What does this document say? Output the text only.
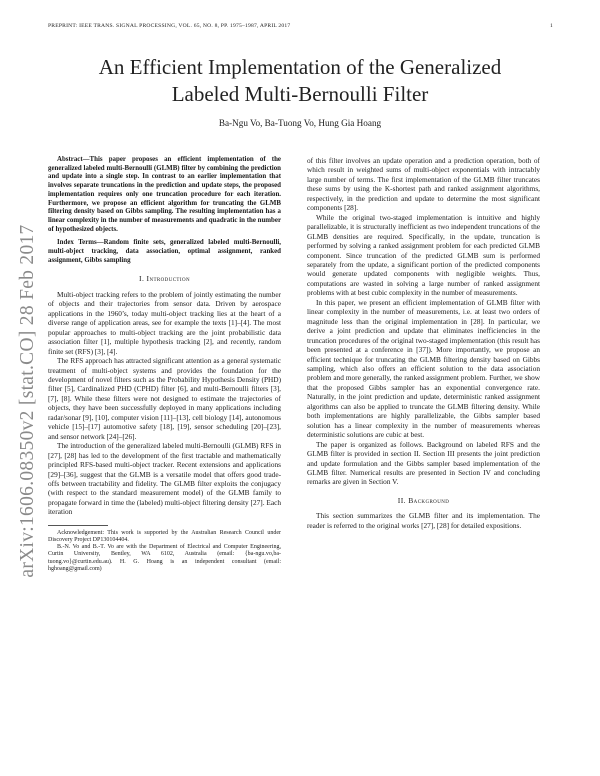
PREPRINT: IEEE TRANS. SIGNAL PROCESSING, VOL. 65, NO. 8, PP. 1975–1987, APRIL 2017	1
An Efficient Implementation of the Generalized
Labeled Multi-Bernoulli Filter
Ba-Ngu Vo, Ba-Tuong Vo, Hung Gia Hoang
arXiv:1606.08350v2 [stat.CO] 28 Feb 2017

Abstract—This paper proposes an efficient implementation of the generalized labeled multi-Bernoulli (GLMB) filter by combining the prediction and update into a single step. In contrast to an earlier implementation that involves separate truncations in the prediction and update steps, the proposed implementation requires only one truncation procedure for each iteration. Furthermore, we propose an efficient algorithm for truncating the GLMB filtering density based on Gibbs sampling. The resulting implementation has a linear complexity in the number of measurements and quadratic in the number of hypothesized objects.

Index Terms—Random finite sets, generalized labeled multi-Bernoulli, multi-object tracking, data association, optimal assignment, ranked assignment, Gibbs sampling

I. Introduction

Multi-object tracking refers to the problem of jointly estimating the number of objects and their trajectories from sensor data. Driven by aerospace applications in the 1960’s, today multi-object tracking lies at the heart of a diverse range of application areas, see for example the texts [1]–[4]. The most popular approaches to multi-object tracking are the joint probabilistic data association filter [1], multiple hypothesis tracking [2], and recently, random finite set (RFS) [3], [4].

The RFS approach has attracted significant attention as a general systematic treatment of multi-object systems and provides the foundation for the development of novel filters such as the Probability Hypothesis Density (PHD) filter [5], Cardinalized PHD (CPHD) filter [6], and multi-Bernoulli filters [3], [7], [8]. While these filters were not designed to estimate the trajectories of objects, they have been successfully deployed in many applications including radar/sonar [9], [10], computer vision [11]–[13], cell biology [14], autonomous vehicle [15]–[17] automotive safety [18], [19], sensor scheduling [20]–[23], and sensor network [24]–[26].

The introduction of the generalized labeled multi-Bernoulli (GLMB) RFS in [27], [28] has led to the development of the first tractable and mathematically principled RFS-based multi-object tracker. Recent extensions and applications [29]–[36], suggest that the GLMB is a versatile model that offers good trade-offs between tractability and fidelity. The GLMB filter exploits the conjugacy (with respect to the standard measurement model) of the GLMB family to propagate forward in time the (labeled) multi-object filtering density [27]. Each iteration

Acknowledgement: This work is supported by the Australian Research Council under Discovery Project DP130104404.

B.-N. Vo and B.-T. Vo are with the Department of Electrical and Computer Engineering, Curtin University, Bentley, WA 6102, Australia (email: {ba-ngu.vo,ba-tuong.vo}@curtin.edu.au). H. G. Hoang is an independent consultant (email: hghoang@gmail.com)

of this filter involves an update operation and a prediction operation, both of which result in weighted sums of multi-object exponentials with intractably large number of terms. The first implementation of the GLMB filter truncates these sums by using the K-shortest path and ranked assignment algorithms, respectively, in the prediction and update to determine the most significant components [28].

While the original two-staged implementation is intuitive and highly parallelizable, it is structurally inefficient as two independent truncations of the GLMB densities are required. Specifically, in the update, truncation is performed by solving a ranked assignment problem for each predicted GLMB component. Since truncation of the predicted GLMB sum is performed separately from the update, a significant portion of the predicted components would generate updated components with negligible weights. Thus, computations are wasted in solving a large number of ranked assignment problems with at best cubic complexity in the number of measurements.

In this paper, we present an efficient implementation of GLMB filter with linear complexity in the number of measurements, i.e. at least two orders of magnitude less than the original implementation in [28]. In particular, we derive a joint prediction and update that eliminates inefficiencies in the truncation procedures of the original two-staged implementation (this result has been presented at a conference in [37]). More importantly, we propose an efficient technique for truncating the GLMB filtering density based on Gibbs sampling, which also offers an efficient solution to the data association problem and more generally, the ranked assignment problem. Further, we show that the proposed Gibbs sampler has an exponential convergence rate. Naturally, in the joint prediction and update, deterministic ranked assignment algorithms can also be applied to truncate the GLMB filtering density. While both implementations are highly parallelizable, the Gibbs sampler based solution has a linear complexity in the number of measurements whereas deterministic solutions are cubic at best.

The paper is organized as follows. Background on labeled RFS and the GLMB filter is provided in section II. Section III presents the joint prediction and update formulation and the Gibbs sampler based implementation of the GLMB filter. Numerical results are presented in Section IV and concluding remarks are given in Section V.

II. Background

This section summarizes the GLMB filter and its implementation. The reader is referred to the original works [27], [28] for detailed expositions.
